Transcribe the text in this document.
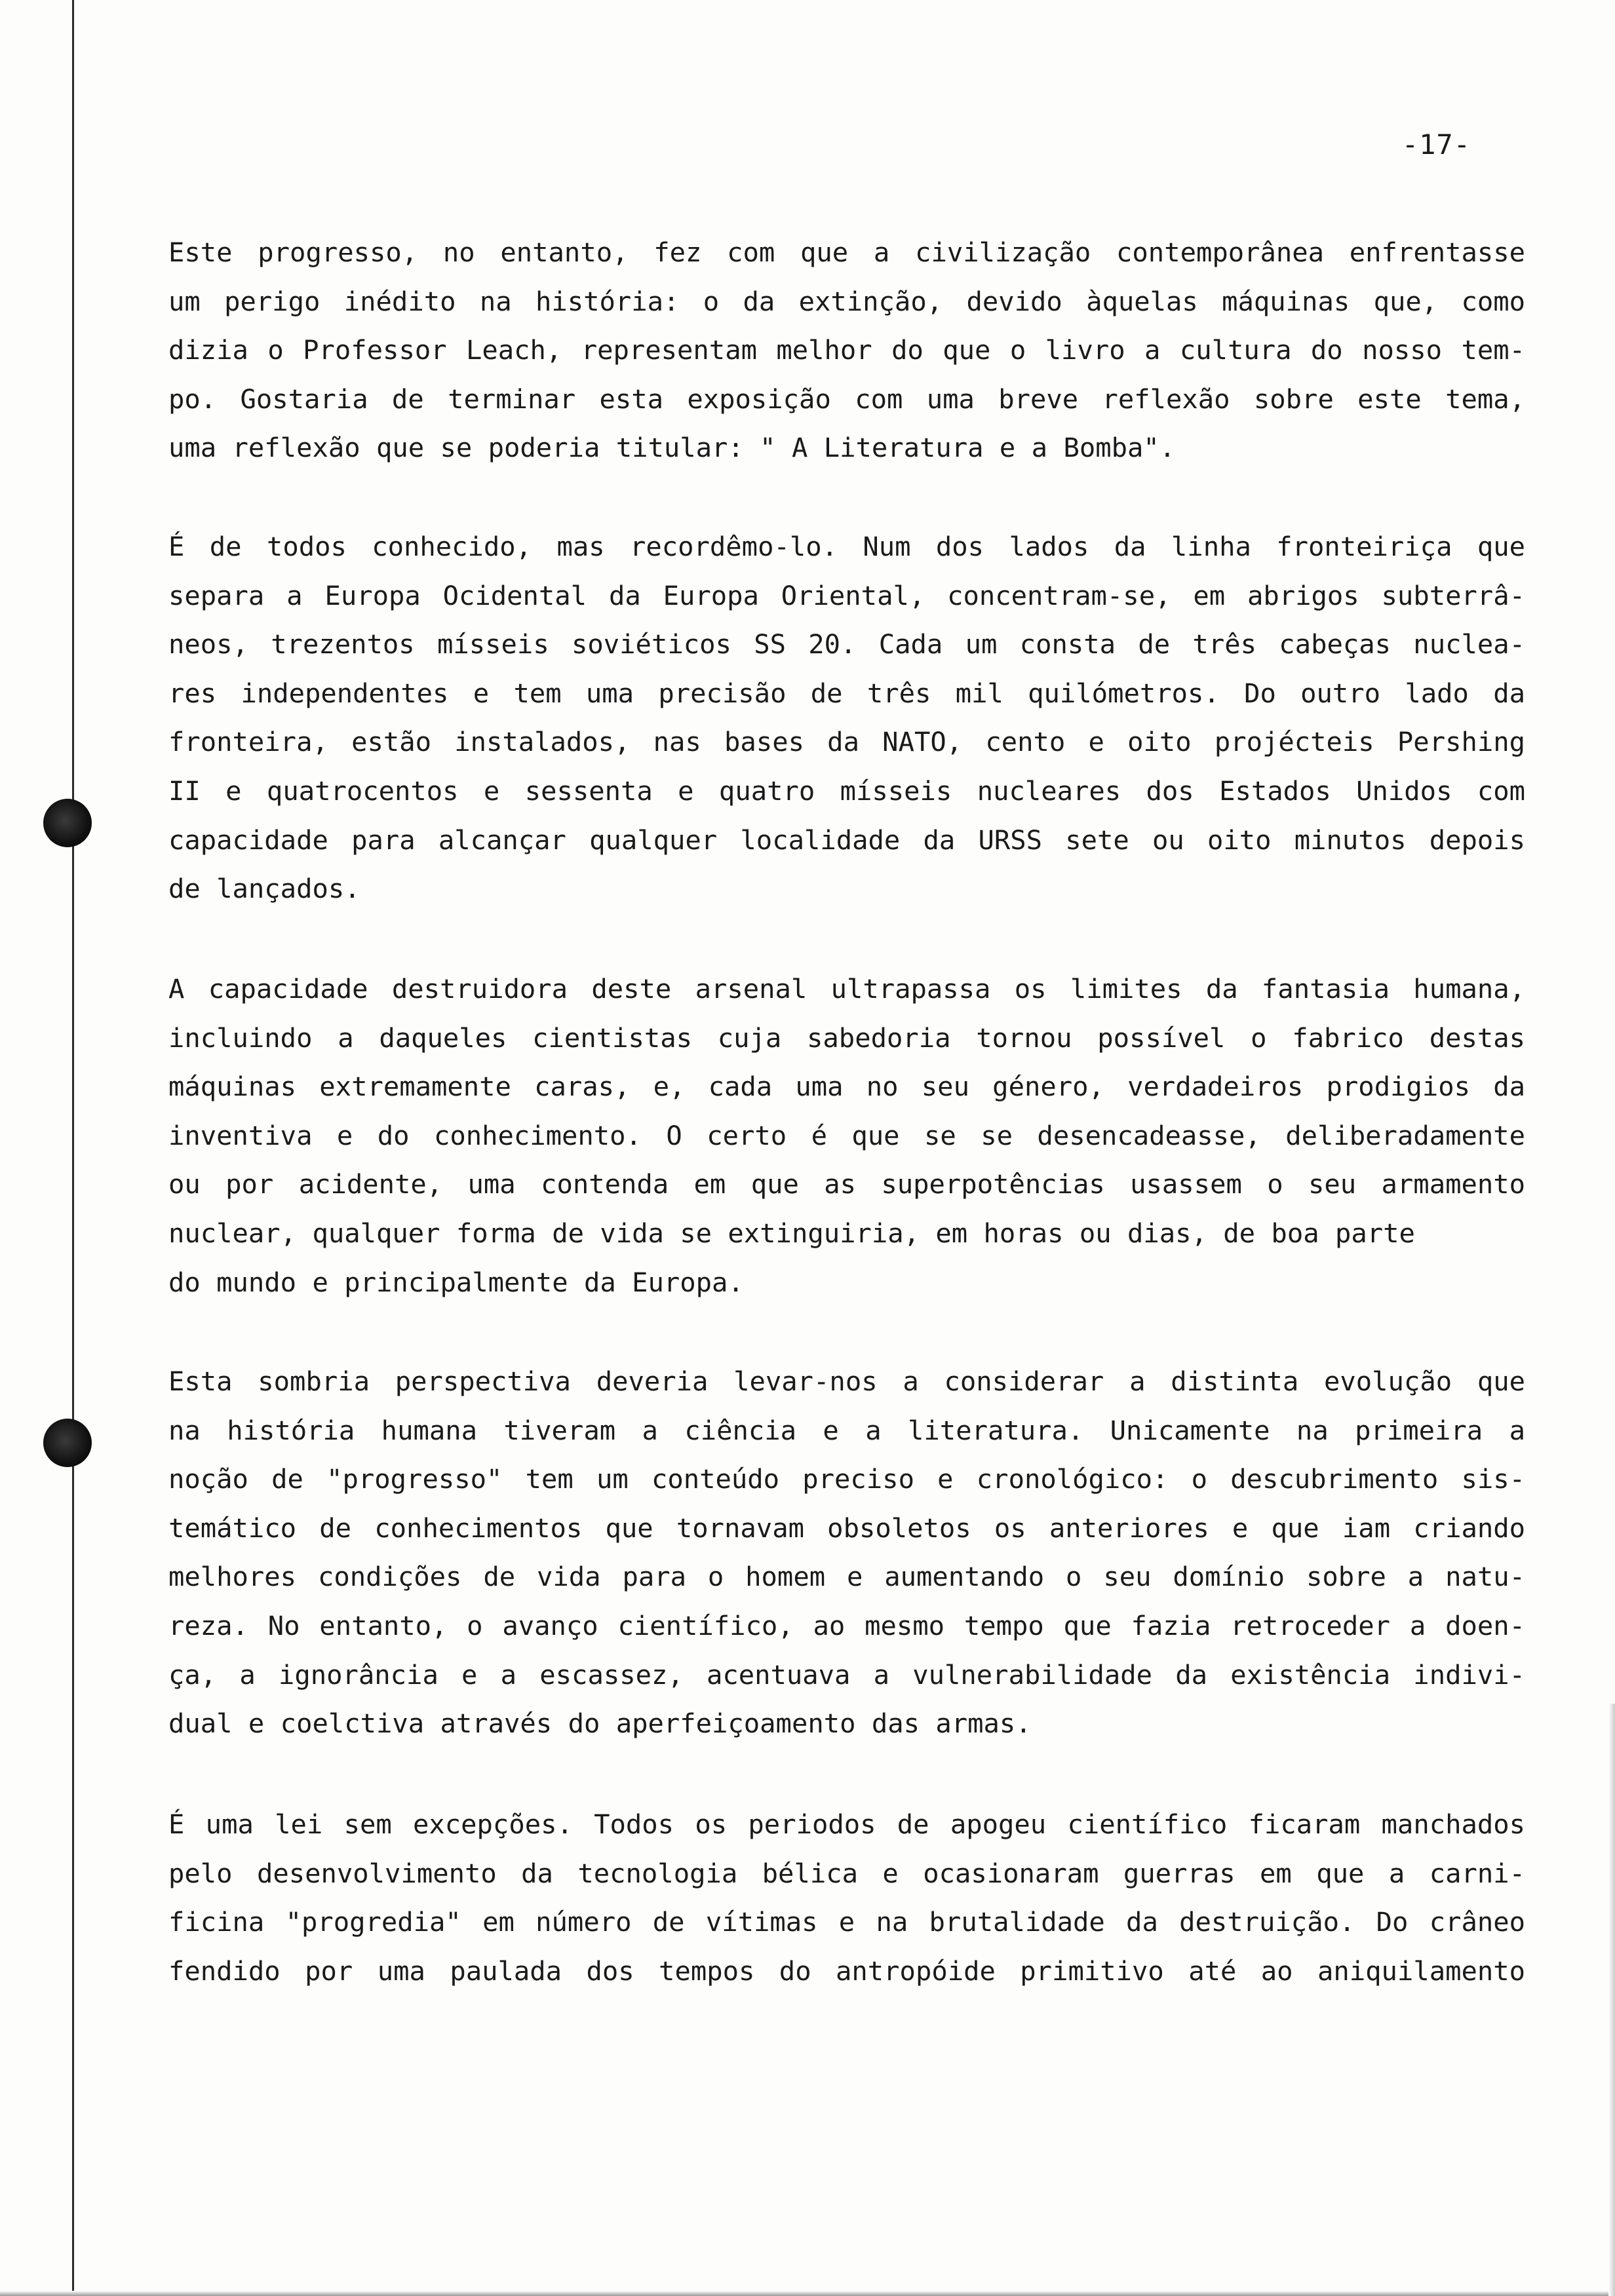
-17-
Este progresso, no entanto, fez com que a civilização contemporânea enfrentasse
um perigo inédito na história: o da extinção, devido àquelas máquinas que, como
dizia o Professor Leach, representam melhor do que o livro a cultura do nosso tem-
po. Gostaria de terminar esta exposição com uma breve reflexão sobre este tema,
uma reflexão que se poderia titular: " A Literatura e a Bomba".
É de todos conhecido, mas recordêmo-lo. Num dos lados da linha fronteiriça que
separa a Europa Ocidental da Europa Oriental, concentram-se, em abrigos subterrâ-
neos, trezentos mísseis soviéticos SS 20. Cada um consta de três cabeças nuclea-
res independentes e tem uma precisão de três mil quilómetros. Do outro lado da
fronteira, estão instalados, nas bases da NATO, cento e oito projécteis Pershing
II e quatrocentos e sessenta e quatro mísseis nucleares dos Estados Unidos com
capacidade para alcançar qualquer localidade da URSS sete ou oito minutos depois
de lançados.
A capacidade destruidora deste arsenal ultrapassa os limites da fantasia humana,
incluindo a daqueles cientistas cuja sabedoria tornou possível o fabrico destas
máquinas extremamente caras, e, cada uma no seu género, verdadeiros prodigios da
inventiva e do conhecimento. O certo é que se se desencadeasse, deliberadamente
ou por acidente, uma contenda em que as superpotências usassem o seu armamento
nuclear, qualquer forma de vida se extinguiria, em horas ou dias, de boa parte
do mundo e principalmente da Europa.
Esta sombria perspectiva deveria levar-nos a considerar a distinta evolução que
na história humana tiveram a ciência e a literatura. Unicamente na primeira a
noção de "progresso" tem um conteúdo preciso e cronológico: o descubrimento sis-
temático de conhecimentos que tornavam obsoletos os anteriores e que iam criando
melhores condições de vida para o homem e aumentando o seu domínio sobre a natu-
reza. No entanto, o avanço científico, ao mesmo tempo que fazia retroceder a doen-
ça, a ignorância e a escassez, acentuava a vulnerabilidade da existência indivi-
dual e coelctiva através do aperfeiçoamento das armas.
É uma lei sem excepções. Todos os periodos de apogeu científico ficaram manchados
pelo desenvolvimento da tecnologia bélica e ocasionaram guerras em que a carni-
ficina "progredia" em número de vítimas e na brutalidade da destruição. Do crâneo
fendido por uma paulada dos tempos do antropóide primitivo até ao aniquilamento
